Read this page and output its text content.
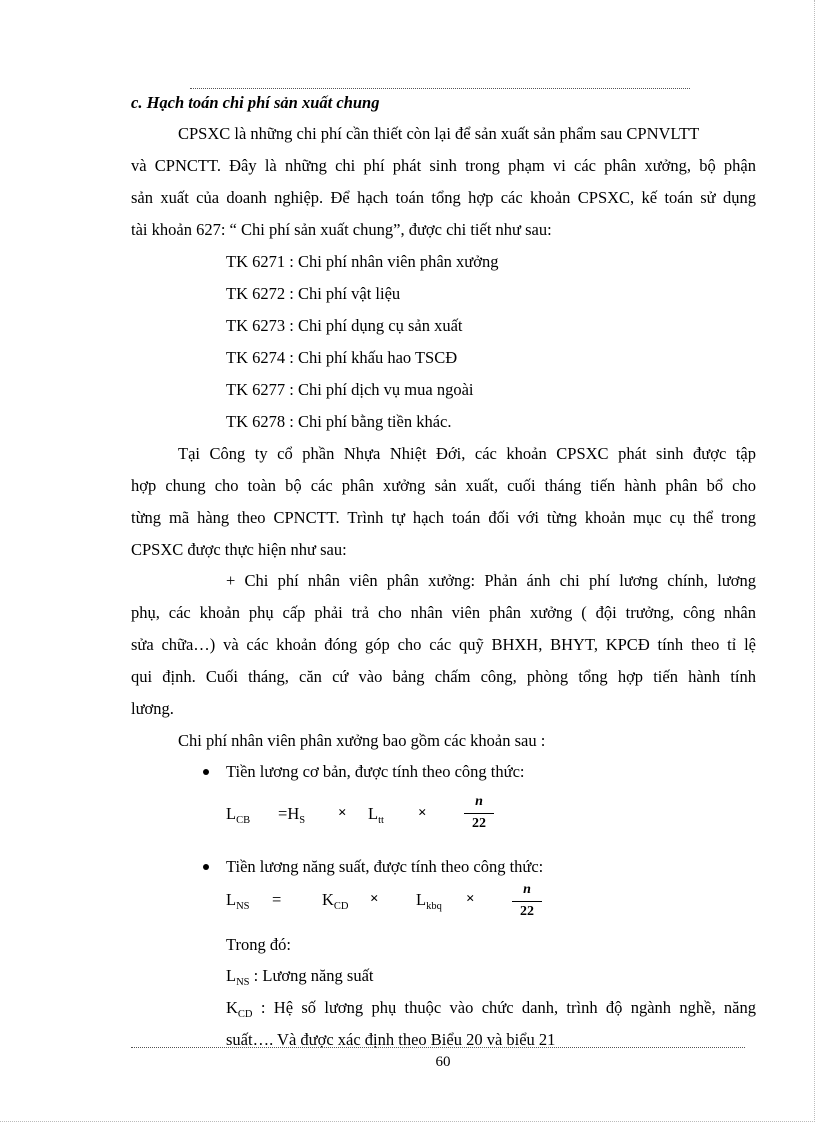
c. Hạch toán chi phí sản xuất chung
CPSXC là những chi phí cần thiết còn lại để sản xuất sản phẩm sau CPNVLTT
và CPNCTT. Đây là những chi phí phát sinh trong phạm vi các phân xưởng, bộ phận
sản xuất của doanh nghiệp. Để hạch toán tổng hợp các khoản CPSXC, kế toán sử dụng
tài khoản 627: “ Chi phí sản xuất chung”, được chi tiết như sau:
TK 6271 : Chi phí nhân viên phân xưởng
TK 6272 : Chi phí vật liệu
TK 6273 : Chi phí dụng cụ sản xuất
TK 6274 : Chi phí khấu hao TSCĐ
TK 6277 : Chi phí dịch vụ mua ngoài
TK 6278 : Chi phí bằng tiền khác.
Tại Công ty cổ phần Nhựa Nhiệt Đới, các khoản CPSXC phát sinh được tập
hợp chung cho toàn bộ các phân xưởng sản xuất, cuối tháng tiến hành phân bổ cho
từng mã hàng theo CPNCTT. Trình tự hạch toán đối với từng khoản mục cụ thể trong
CPSXC được thực hiện như sau:
+ Chi phí nhân viên phân xưởng: Phản ánh chi phí lương chính, lương
phụ, các khoản phụ cấp phải trả cho nhân viên phân xưởng ( đội trưởng, công nhân
sửa chữa…) và các khoản đóng góp cho các quỹ BHXH, BHYT, KPCĐ tính theo tỉ lệ
qui định. Cuối tháng, căn cứ vào bảng chấm công, phòng tổng hợp tiến hành tính
lương.
Chi phí nhân viên phân xưởng bao gồm các khoản sau :
Tiền lương cơ bản, được tính theo công thức:
$L_{CB} =H_S \times L_{tt}$ ×
n
22
Tiền lương năng suất, được tính theo công thức:
$L_{NS} = K_{CD} \times L_{kbq}$ ×
n
22
Trong đó:
$L_{NS}$ : Lương năng suất
$K_{CD}$ : Hệ số lương phụ thuộc vào chức danh, trình độ ngành nghề, năng
suất…. Và được xác định theo Biểu 20 và biểu 21
60
